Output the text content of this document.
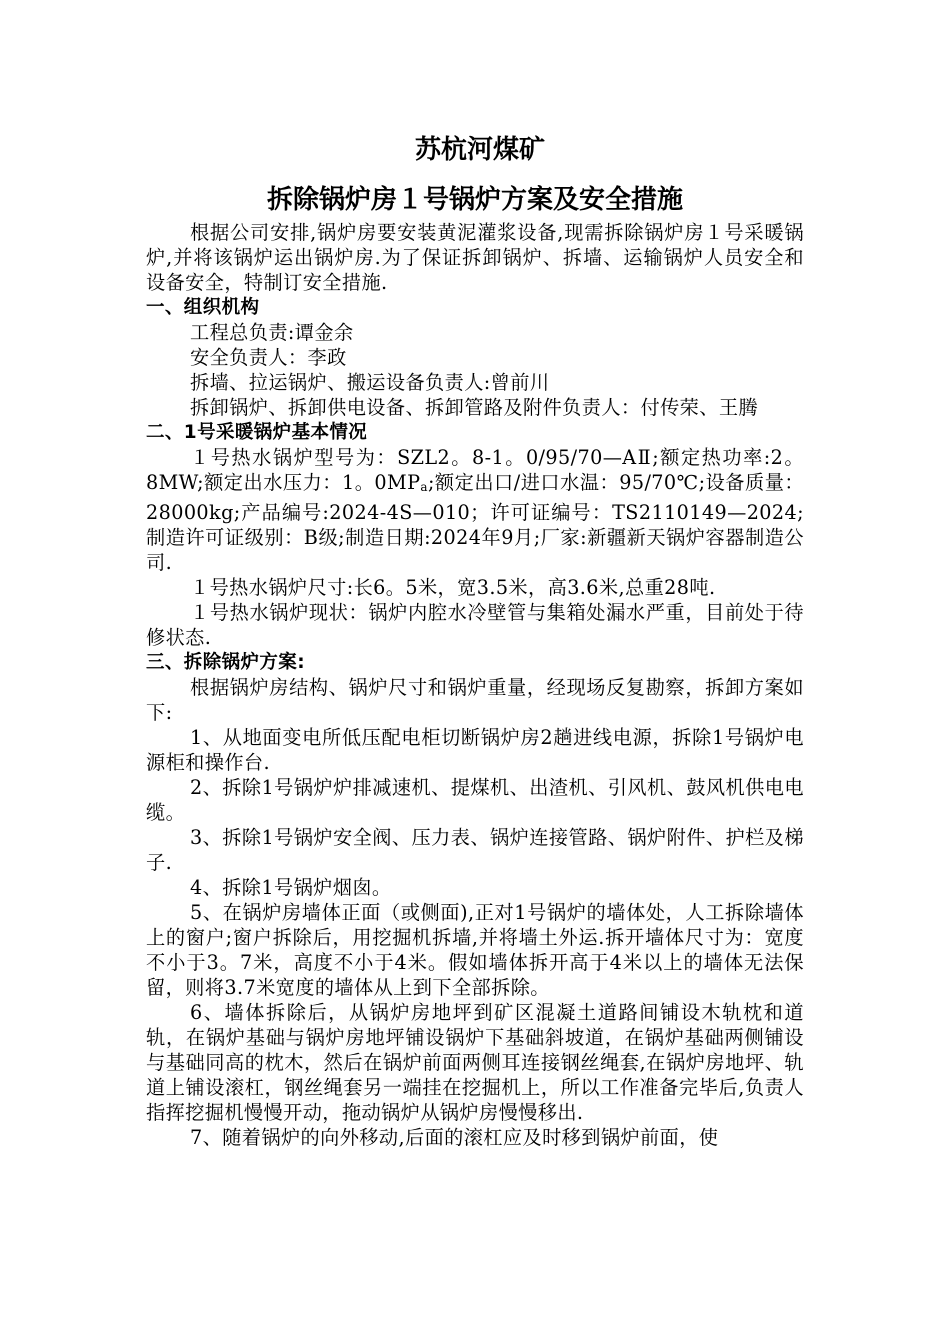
苏杭河煤矿
拆除锅炉房１号锅炉方案及安全措施

根据公司安排,锅炉房要安装黄泥灌浆设备,现需拆除锅炉房１号采暖锅炉,并将该锅炉运出锅炉房.为了保证拆卸锅炉、拆墙、运输锅炉人员安全和设备安全，特制订安全措施.

一、组织机构

工程总负责:谭金余

安全负责人：李政

拆墙、拉运锅炉、搬运设备负责人:曾前川

拆卸锅炉、拆卸供电设备、拆卸管路及附件负责人：付传荣、王腾

二、1号采暖锅炉基本情况

１号热水锅炉型号为：SZL2。8-1。0/95/70—AⅡ;额定热功率:2。8MW;额定出水压力：1。0MPa;额定出口/进口水温：95/70℃;设备质量：28000kg;产品编号:2024-4S—010；许可证编号：TS2110149—2024;制造许可证级别：B级;制造日期:2024年9月;厂家:新疆新天锅炉容器制造公司.

１号热水锅炉尺寸:长6。5米，宽3.5米，高3.6米,总重28吨.

１号热水锅炉现状：锅炉内腔水冷壁管与集箱处漏水严重，目前处于待修状态.

三、拆除锅炉方案:

根据锅炉房结构、锅炉尺寸和锅炉重量，经现场反复勘察，拆卸方案如下:

1、从地面变电所低压配电柜切断锅炉房2趟进线电源，拆除1号锅炉电源柜和操作台.

2、拆除1号锅炉炉排减速机、提煤机、出渣机、引风机、鼓风机供电电缆。

3、拆除1号锅炉安全阀、压力表、锅炉连接管路、锅炉附件、护栏及梯子.

4、拆除1号锅炉烟囱。

5、在锅炉房墙体正面（或侧面),正对1号锅炉的墙体处，人工拆除墙体上的窗户;窗户拆除后，用挖掘机拆墙,并将墙土外运.拆开墙体尺寸为：宽度不小于3。7米，高度不小于4米。假如墙体拆开高于4米以上的墙体无法保留，则将3.7米宽度的墙体从上到下全部拆除。

6、墙体拆除后，从锅炉房地坪到矿区混凝土道路间铺设木轨枕和道轨，在锅炉基础与锅炉房地坪铺设锅炉下基础斜坡道，在锅炉基础两侧铺设与基础同高的枕木，然后在锅炉前面两侧耳连接钢丝绳套,在锅炉房地坪、轨道上铺设滚杠，钢丝绳套另一端挂在挖掘机上，所以工作准备完毕后,负责人指挥挖掘机慢慢开动，拖动锅炉从锅炉房慢慢移出.

7、随着锅炉的向外移动,后面的滚杠应及时移到锅炉前面，使
